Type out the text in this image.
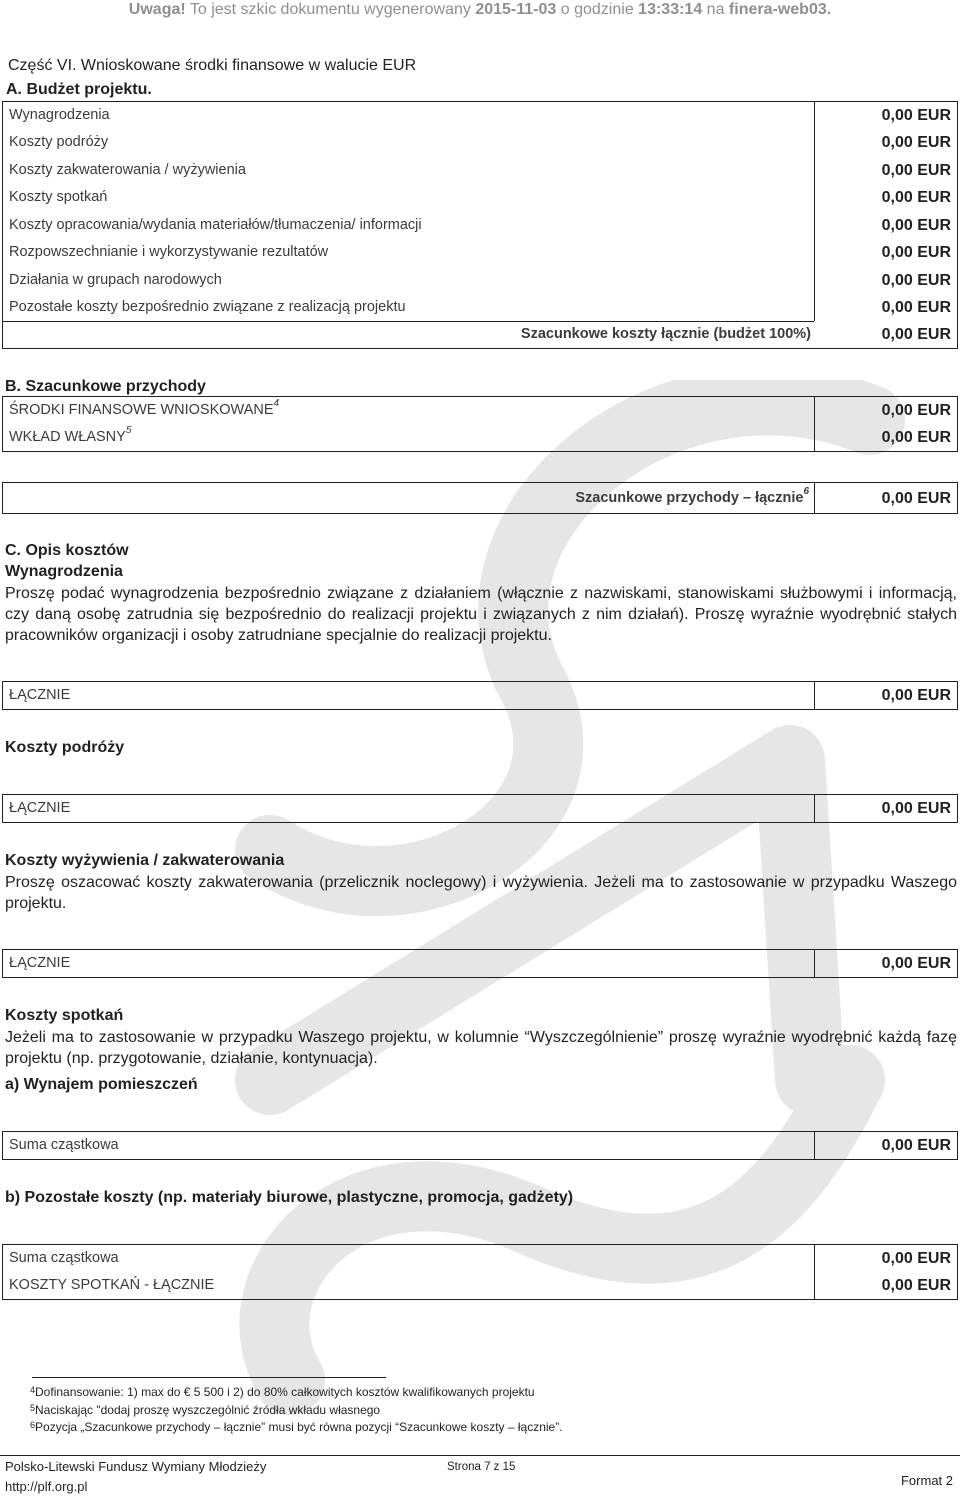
Uwaga! To jest szkic dokumentu wygenerowany 2015-11-03 o godzinie 13:33:14 na finera-web03.
Część VI. Wnioskowane środki finansowe w walucie EUR
A. Budżet projektu.
Wynagrodzenia	0,00 EUR
Koszty podróży	0,00 EUR
Koszty zakwaterowania / wyżywienia	0,00 EUR
Koszty spotkań	0,00 EUR
Koszty opracowania/wydania materiałów/tłumaczenia/ informacji	0,00 EUR
Rozpowszechnianie i wykorzystywanie rezultatów	0,00 EUR
Działania w grupach narodowych	0,00 EUR
Pozostałe koszty bezpośrednio związane z realizacją projektu	0,00 EUR
Szacunkowe koszty łącznie (budżet 100%)	0,00 EUR
B. Szacunkowe przychody
ŚRODKI FINANSOWE WNIOSKOWANE$^4$	0,00 EUR
WKŁAD WŁASNY$^5$	0,00 EUR
Szacunkowe przychody – łącznie$^6$	0,00 EUR
C. Opis kosztów
Wynagrodzenia
Proszę podać wynagrodzenia bezpośrednio związane z działaniem (włącznie z nazwiskami, stanowiskami służbowymi i informacją, czy daną osobę zatrudnia się bezpośrednio do realizacji projektu i związanych z nim działań). Proszę wyraźnie wyodrębnić stałych pracowników organizacji i osoby zatrudniane specjalnie do realizacji projektu.
ŁĄCZNIE	0,00 EUR
Koszty podróży
ŁĄCZNIE	0,00 EUR
Koszty wyżywienia / zakwaterowania
Proszę oszacować koszty zakwaterowania (przelicznik noclegowy) i wyżywienia. Jeżeli ma to zastosowanie w przypadku Waszego projektu.
ŁĄCZNIE	0,00 EUR
Koszty spotkań
Jeżeli ma to zastosowanie w przypadku Waszego projektu, w kolumnie “Wyszczególnienie” proszę wyraźnie wyodrębnić każdą fazę projektu (np. przygotowanie, działanie, kontynuacja).
a) Wynajem pomieszczeń
Suma cząstkowa	0,00 EUR
b) Pozostałe koszty (np. materiały biurowe, plastyczne, promocja, gadżety)
Suma cząstkowa	0,00 EUR
KOSZTY SPOTKAŃ - ŁĄCZNIE	0,00 EUR
$^4$Dofinansowanie: 1) max do € 5 500 i 2) do 80% całkowitych kosztów kwalifikowanych projektu
$^5$Naciskając "dodaj proszę wyszczególnić źródła wkładu własnego
$^6$Pozycja „Szacunkowe przychody – łącznie” musi być równa pozycji “Szacunkowe koszty – łącznie”.
Polsko-Litewski Fundusz Wymiany Młodzieży
http://plf.org.pl
Strona 7 z 15
Format 2
